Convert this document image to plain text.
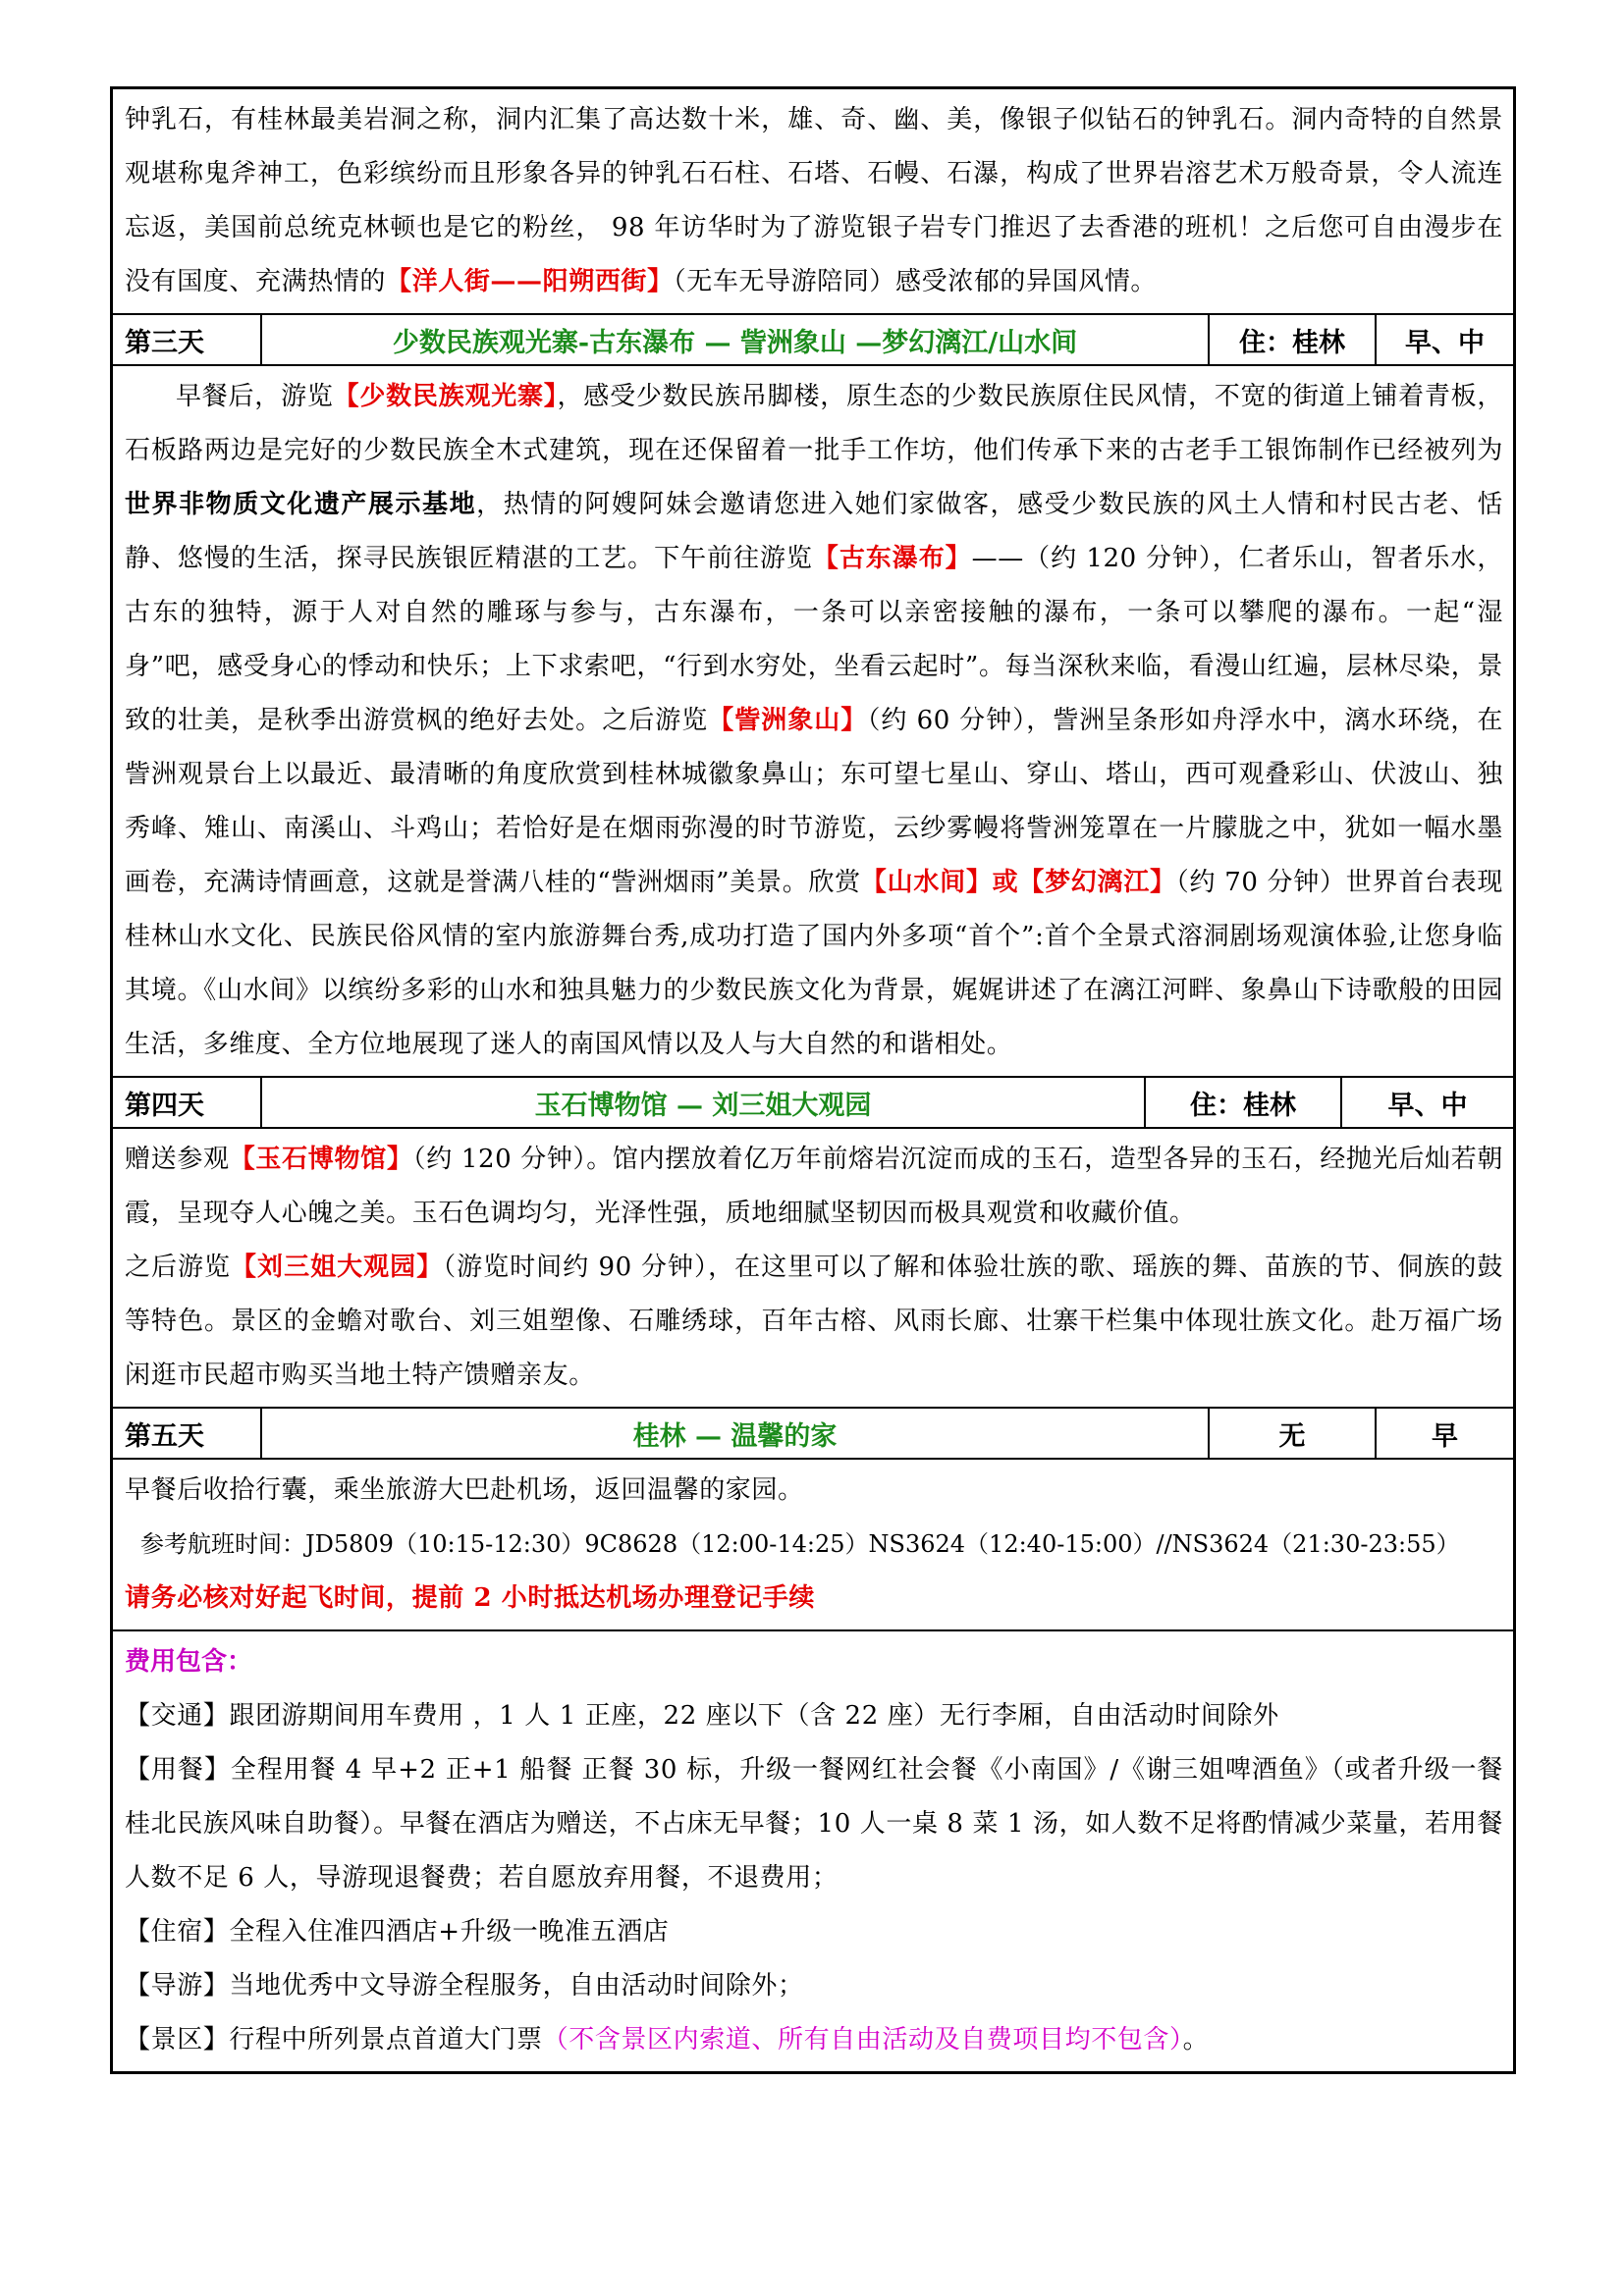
钟乳石，有桂林最美岩洞之称，洞内汇集了高达数十米，雄、奇、幽、美，像银子似钻石的钟乳石。洞内奇特的自然景观堪称鬼斧神工，色彩缤纷而且形象各异的钟乳石石柱、石塔、石幔、石瀑，构成了世界岩溶艺术万般奇景，令人流连忘返，美国前总统克林顿也是它的粉丝， 98 年访华时为了游览银子岩专门推迟了去香港的班机！之后您可自由漫步在没有国度、充满热情的【洋人街——阳朔西街】（无车无导游陪同）感受浓郁的异国风情。

第三天	少数民族观光寨-古东瀑布 — 訾洲象山 —梦幻漓江/山水间	住：桂林	早、中

早餐后，游览【少数民族观光寨】，感受少数民族吊脚楼，原生态的少数民族原住民风情，不宽的街道上铺着青板，石板路两边是完好的少数民族全木式建筑，现在还保留着一批手工作坊，他们传承下来的古老手工银饰制作已经被列为世界非物质文化遗产展示基地，热情的阿嫂阿妹会邀请您进入她们家做客，感受少数民族的风土人情和村民古老、恬静、悠慢的生活，探寻民族银匠精湛的工艺。下午前往游览【古东瀑布】——（约 120 分钟），仁者乐山，智者乐水，古东的独特，源于人对自然的雕琢与参与，古东瀑布，一条可以亲密接触的瀑布，一条可以攀爬的瀑布。一起“湿身”吧，感受身心的悸动和快乐；上下求索吧，“行到水穷处，坐看云起时”。每当深秋来临，看漫山红遍，层林尽染，景致的壮美，是秋季出游赏枫的绝好去处。之后游览【訾洲象山】（约 60 分钟），訾洲呈条形如舟浮水中，漓水环绕，在訾洲观景台上以最近、最清晰的角度欣赏到桂林城徽象鼻山；东可望七星山、穿山、塔山，西可观叠彩山、伏波山、独秀峰、雉山、南溪山、斗鸡山；若恰好是在烟雨弥漫的时节游览，云纱雾幔将訾洲笼罩在一片朦胧之中，犹如一幅水墨画卷，充满诗情画意，这就是誉满八桂的“訾洲烟雨”美景。欣赏【山水间】或【梦幻漓江】（约 70 分钟）世界首台表现桂林山水文化、民族民俗风情的室内旅游舞台秀,成功打造了国内外多项“首个”:首个全景式溶洞剧场观演体验,让您身临其境。《山水间》以缤纷多彩的山水和独具魅力的少数民族文化为背景，娓娓讲述了在漓江河畔、象鼻山下诗歌般的田园生活，多维度、全方位地展现了迷人的南国风情以及人与大自然的和谐相处。

第四天	玉石博物馆 — 刘三姐大观园	住：桂林	早、中

赠送参观【玉石博物馆】（约 120 分钟）。馆内摆放着亿万年前熔岩沉淀而成的玉石，造型各异的玉石，经抛光后灿若朝霞，呈现夺人心魄之美。玉石色调均匀，光泽性强，质地细腻坚韧因而极具观赏和收藏价值。

之后游览【刘三姐大观园】（游览时间约 90 分钟），在这里可以了解和体验壮族的歌、瑶族的舞、苗族的节、侗族的鼓等特色。景区的金蟾对歌台、刘三姐塑像、石雕绣球，百年古榕、风雨长廊、壮寨干栏集中体现壮族文化。赴万福广场闲逛市民超市购买当地土特产馈赠亲友。

第五天	桂林 — 温馨的家	无	早

早餐后收拾行囊，乘坐旅游大巴赴机场，返回温馨的家园。

参考航班时间：JD5809（10:15-12:30）9C8628（12:00-14:25）NS3624（12:40-15:00）//NS3624（21:30-23:55）

请务必核对好起飞时间，提前 2 小时抵达机场办理登记手续

费用包含：

【交通】跟团游期间用车费用 ，1 人 1 正座，22 座以下（含 22 座）无行李厢，自由活动时间除外

【用餐】全程用餐 4 早+2 正+1 船餐 正餐 30 标，升级一餐网红社会餐《小南国》/《谢三姐啤酒鱼》（或者升级一餐桂北民族风味自助餐）。早餐在酒店为赠送，不占床无早餐；10 人一桌 8 菜 1 汤，如人数不足将酌情减少菜量，若用餐人数不足 6 人，导游现退餐费；若自愿放弃用餐，不退费用；

【住宿】全程入住准四酒店+升级一晚准五酒店

【导游】当地优秀中文导游全程服务，自由活动时间除外；

【景区】行程中所列景点首道大门票（不含景区内索道、所有自由活动及自费项目均不包含）。
